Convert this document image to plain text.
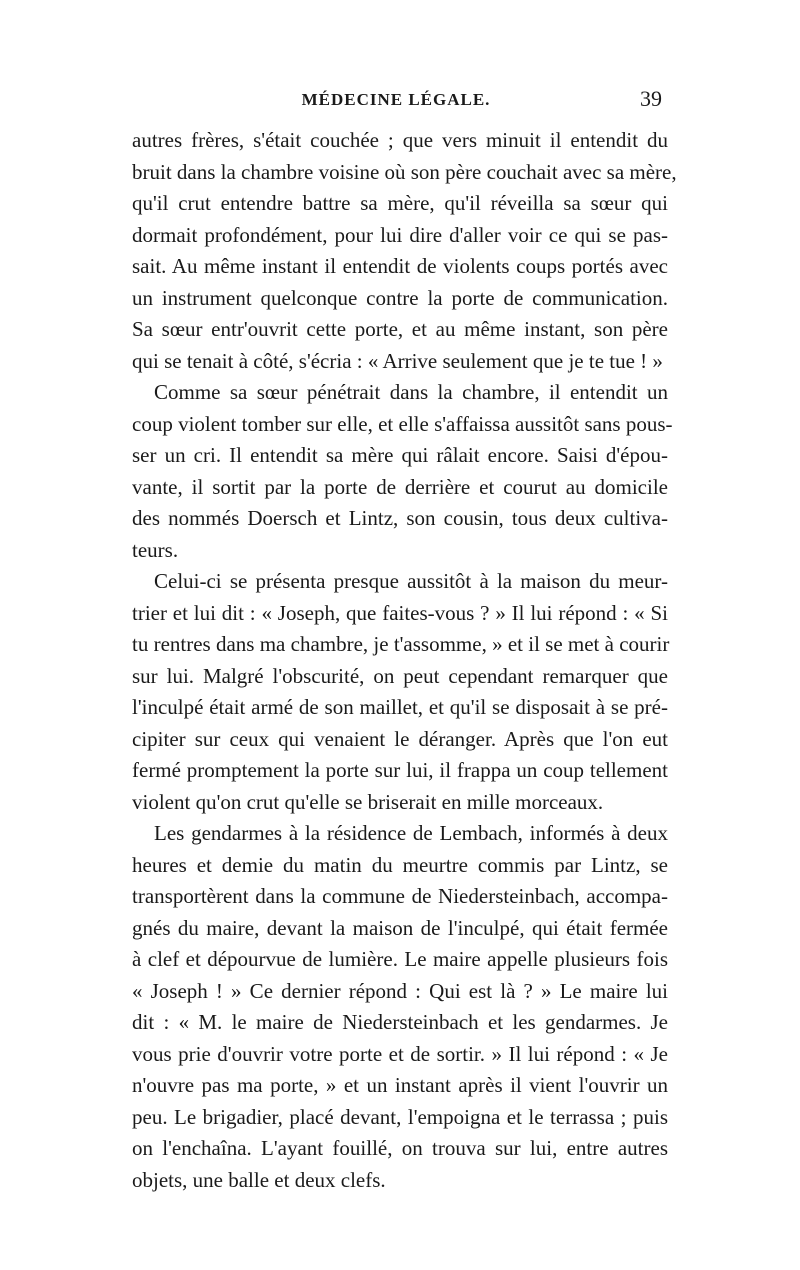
MÉDECINE LÉGALE.	39
autres frères, s'était couchée ; que vers minuit il entendit du
bruit dans la chambre voisine où son père couchait avec sa mère,
qu'il crut entendre battre sa mère, qu'il réveilla sa sœur qui
dormait profondément, pour lui dire d'aller voir ce qui se pas-
sait. Au même instant il entendit de violents coups portés avec
un instrument quelconque contre la porte de communication.
Sa sœur entr'ouvrit cette porte, et au même instant, son père
qui se tenait à côté, s'écria : « Arrive seulement que je te tue ! »
Comme sa sœur pénétrait dans la chambre, il entendit un
coup violent tomber sur elle, et elle s'affaissa aussitôt sans pous-
ser un cri. Il entendit sa mère qui râlait encore. Saisi d'épou-
vante, il sortit par la porte de derrière et courut au domicile
des nommés Doersch et Lintz, son cousin, tous deux cultiva-
teurs.
Celui-ci se présenta presque aussitôt à la maison du meur-
trier et lui dit : « Joseph, que faites-vous ? » Il lui répond : « Si
tu rentres dans ma chambre, je t'assomme, » et il se met à courir
sur lui. Malgré l'obscurité, on peut cependant remarquer que
l'inculpé était armé de son maillet, et qu'il se disposait à se pré-
cipiter sur ceux qui venaient le déranger. Après que l'on eut
fermé promptement la porte sur lui, il frappa un coup tellement
violent qu'on crut qu'elle se briserait en mille morceaux.
Les gendarmes à la résidence de Lembach, informés à deux
heures et demie du matin du meurtre commis par Lintz, se
transportèrent dans la commune de Niedersteinbach, accompa-
gnés du maire, devant la maison de l'inculpé, qui était fermée
à clef et dépourvue de lumière. Le maire appelle plusieurs fois
« Joseph ! » Ce dernier répond : Qui est là ? » Le maire lui
dit : « M. le maire de Niedersteinbach et les gendarmes. Je
vous prie d'ouvrir votre porte et de sortir. » Il lui répond : « Je
n'ouvre pas ma porte, » et un instant après il vient l'ouvrir un
peu. Le brigadier, placé devant, l'empoigna et le terrassa ; puis
on l'enchaîna. L'ayant fouillé, on trouva sur lui, entre autres
objets, une balle et deux clefs.
